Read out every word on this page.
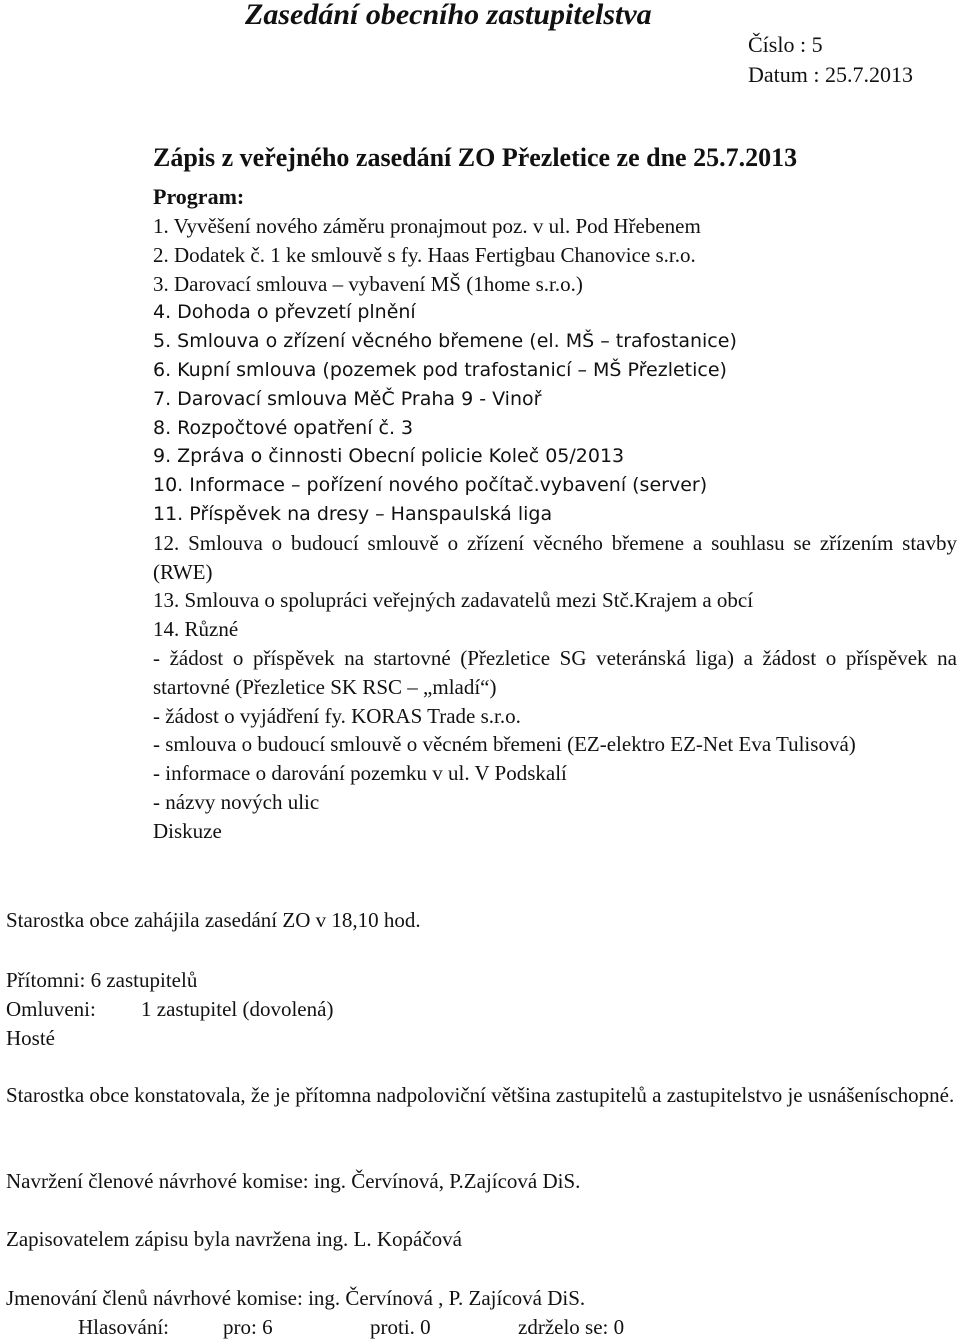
Zasedání obecního zastupitelstva
Číslo : 5
Datum : 25.7.2013
Zápis z veřejného zasedání ZO Přezletice ze dne 25.7.2013
Program:
1. Vyvěšení nového záměru pronajmout poz. v ul. Pod Hřebenem
2. Dodatek č. 1 ke smlouvě s fy. Haas Fertigbau Chanovice s.r.o.
3. Darovací smlouva – vybavení MŠ (1home s.r.o.)
4. Dohoda o převzetí plnění
5. Smlouva o zřízení věcného břemene (el. MŠ – trafostanice)
6. Kupní smlouva (pozemek pod trafostanicí – MŠ Přezletice)
7. Darovací smlouva MěČ Praha 9 - Vinoř
8. Rozpočtové opatření č. 3
9. Zpráva o činnosti Obecní policie Koleč 05/2013
10. Informace – pořízení nového počítač.vybavení (server)
11. Příspěvek na dresy – Hanspaulská liga
12. Smlouva o budoucí smlouvě o zřízení věcného břemene a souhlasu se zřízením stavby (RWE)
13. Smlouva o spolupráci veřejných zadavatelů mezi Stč.Krajem a obcí
14. Různé
- žádost o příspěvek na startovné (Přezletice SG veteránská liga) a žádost o příspěvek na startovné (Přezletice SK RSC – „mladí“)
- žádost o vyjádření fy. KORAS Trade s.r.o.
- smlouva o budoucí smlouvě o věcném břemeni (EZ-elektro EZ-Net Eva Tulisová)
- informace o darování pozemku v ul. V Podskalí
- názvy nových ulic
Diskuze
Starostka obce zahájila zasedání ZO v 18,10 hod.
Přítomni: 6 zastupitelů
Omluveni: 1 zastupitel (dovolená)
Hosté
Starostka obce konstatovala, že je přítomna nadpoloviční většina zastupitelů a zastupitelstvo je usnášeníschopné.
Navržení členové návrhové komise: ing. Červínová, P.Zajícová DiS.
Zapisovatelem zápisu byla navržena ing. L. Kopáčová
Jmenování členů návrhové komise: ing. Červínová , P. Zajícová DiS.
Hlasování:	pro: 6	proti. 0	zdrželo se: 0
